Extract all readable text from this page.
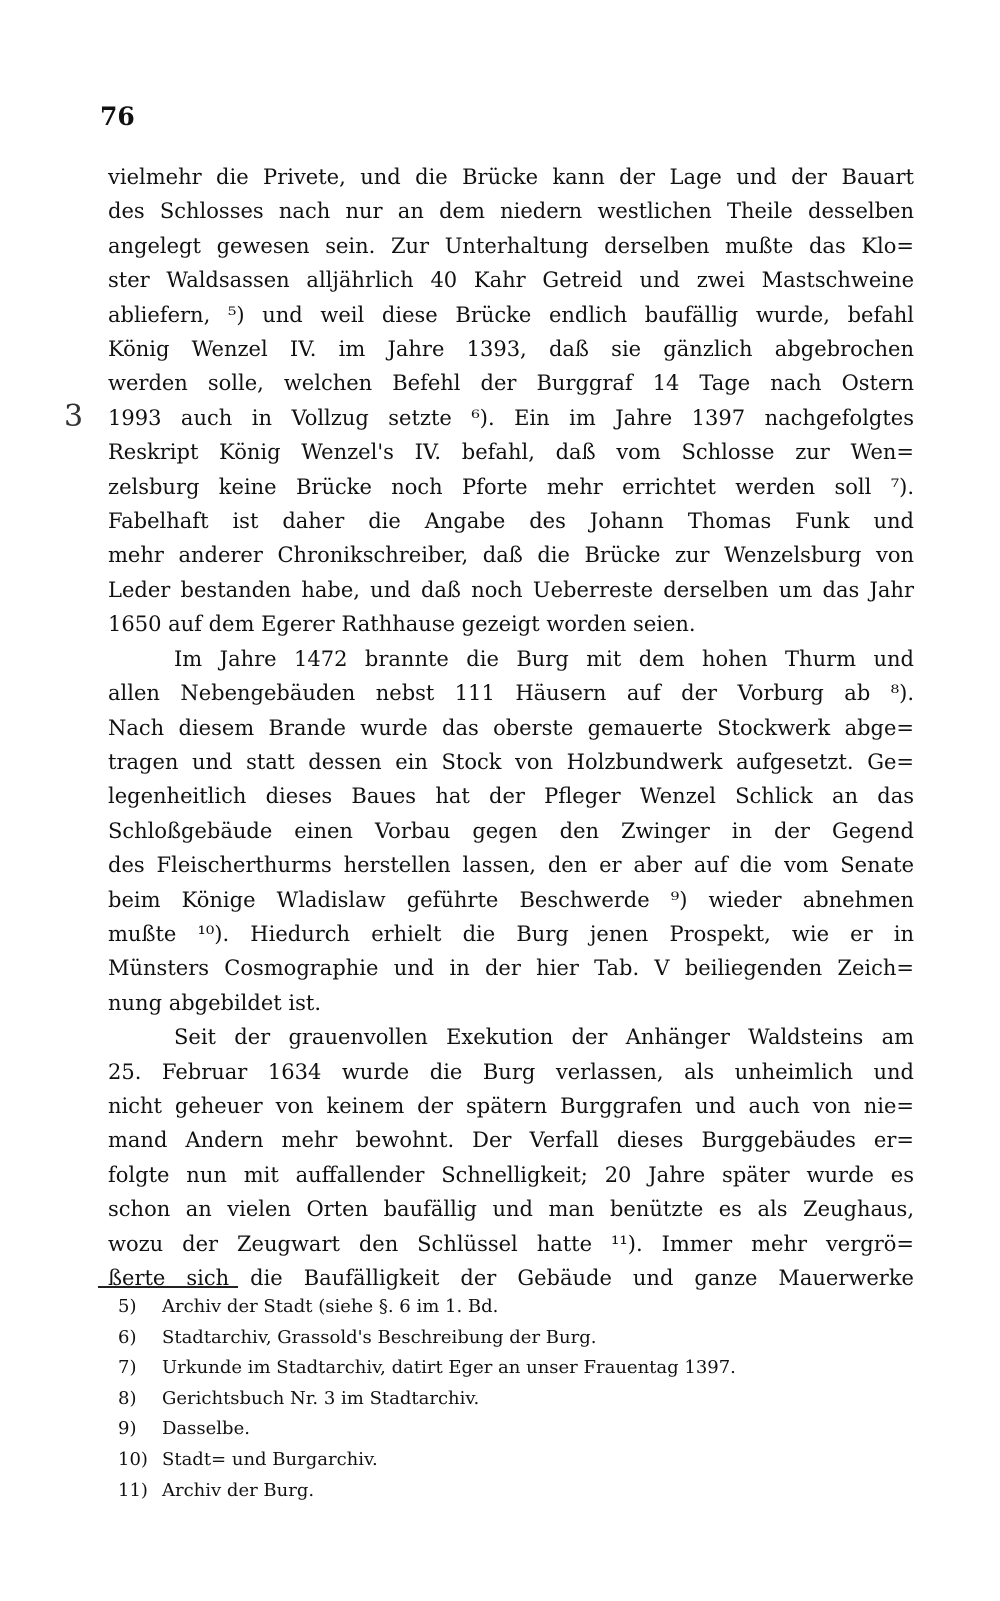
76
3

vielmehr die Privete, und die Brücke kann der Lage und der Bauart

des Schlosses nach nur an dem niedern westlichen Theile desselben

angelegt gewesen sein. Zur Unterhaltung derselben mußte das Klo=

ster Waldsassen alljährlich 40 Kahr Getreid und zwei Mastschweine

abliefern, ⁵) und weil diese Brücke endlich baufällig wurde, befahl

König Wenzel IV. im Jahre 1393, daß sie gänzlich abgebrochen

werden solle, welchen Befehl der Burggraf 14 Tage nach Ostern

1993 auch in Vollzug setzte ⁶). Ein im Jahre 1397 nachgefolgtes

Reskript König Wenzel's IV. befahl, daß vom Schlosse zur Wen=

zelsburg keine Brücke noch Pforte mehr errichtet werden soll ⁷).

Fabelhaft ist daher die Angabe des Johann Thomas Funk und

mehr anderer Chronikschreiber, daß die Brücke zur Wenzelsburg von

Leder bestanden habe, und daß noch Ueberreste derselben um das Jahr

1650 auf dem Egerer Rathhause gezeigt worden seien.

Im Jahre 1472 brannte die Burg mit dem hohen Thurm und

allen Nebengebäuden nebst 111 Häusern auf der Vorburg ab ⁸).

Nach diesem Brande wurde das oberste gemauerte Stockwerk abge=

tragen und statt dessen ein Stock von Holzbundwerk aufgesetzt. Ge=

legenheitlich dieses Baues hat der Pfleger Wenzel Schlick an das

Schloßgebäude einen Vorbau gegen den Zwinger in der Gegend

des Fleischerthurms herstellen lassen, den er aber auf die vom Senate

beim Könige Wladislaw geführte Beschwerde ⁹) wieder abnehmen

mußte ¹⁰). Hiedurch erhielt die Burg jenen Prospekt, wie er in

Münsters Cosmographie und in der hier Tab. V beiliegenden Zeich=

nung abgebildet ist.

Seit der grauenvollen Exekution der Anhänger Waldsteins am

25. Februar 1634 wurde die Burg verlassen, als unheimlich und

nicht geheuer von keinem der spätern Burggrafen und auch von nie=

mand Andern mehr bewohnt. Der Verfall dieses Burggebäudes er=

folgte nun mit auffallender Schnelligkeit; 20 Jahre später wurde es

schon an vielen Orten baufällig und man benützte es als Zeughaus,

wozu der Zeugwart den Schlüssel hatte ¹¹). Immer mehr vergrö=

ßerte sich die Baufälligkeit der Gebäude und ganze Mauerwerke

5) Archiv der Stadt (siehe §. 6 im 1. Bd.
6) Stadtarchiv, Grassold's Beschreibung der Burg.
7) Urkunde im Stadtarchiv, datirt Eger an unser Frauentag 1397.
8) Gerichtsbuch Nr. 3 im Stadtarchiv.
9) Dasselbe.
10) Stadt= und Burgarchiv.
11) Archiv der Burg.
